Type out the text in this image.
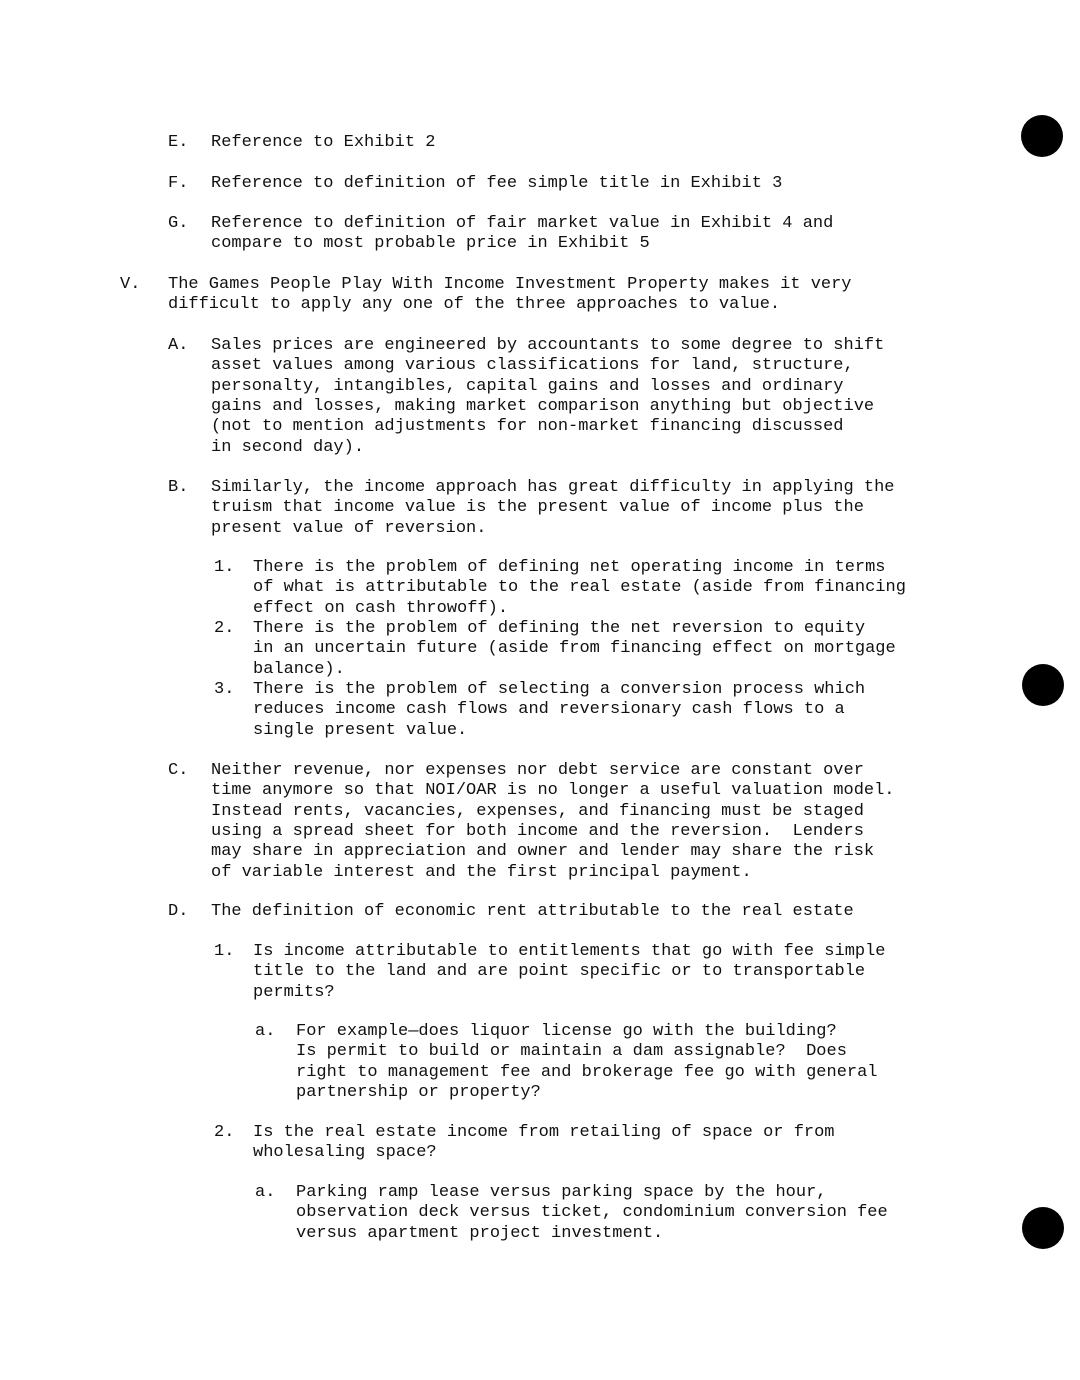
E. Reference to Exhibit 2
F. Reference to definition of fee simple title in Exhibit 3
G. Reference to definition of fair market value in Exhibit 4 and
compare to most probable price in Exhibit 5
V. The Games People Play With Income Investment Property makes it very
difficult to apply any one of the three approaches to value.
A. Sales prices are engineered by accountants to some degree to shift
asset values among various classifications for land, structure,
personalty, intangibles, capital gains and losses and ordinary
gains and losses, making market comparison anything but objective
(not to mention adjustments for non-market financing discussed
in second day).
B. Similarly, the income approach has great difficulty in applying the
truism that income value is the present value of income plus the
present value of reversion.
1. There is the problem of defining net operating income in terms
of what is attributable to the real estate (aside from financing
effect on cash throwoff).
2. There is the problem of defining the net reversion to equity
in an uncertain future (aside from financing effect on mortgage
balance).
3. There is the problem of selecting a conversion process which
reduces income cash flows and reversionary cash flows to a
single present value.
C. Neither revenue, nor expenses nor debt service are constant over
time anymore so that NOI/OAR is no longer a useful valuation model.
Instead rents, vacancies, expenses, and financing must be staged
using a spread sheet for both income and the reversion.  Lenders
may share in appreciation and owner and lender may share the risk
of variable interest and the first principal payment.
D. The definition of economic rent attributable to the real estate
1. Is income attributable to entitlements that go with fee simple
title to the land and are point specific or to transportable
permits?
a. For example—does liquor license go with the building?
Is permit to build or maintain a dam assignable?  Does
right to management fee and brokerage fee go with general
partnership or property?
2. Is the real estate income from retailing of space or from
wholesaling space?
a. Parking ramp lease versus parking space by the hour,
observation deck versus ticket, condominium conversion fee
versus apartment project investment.
